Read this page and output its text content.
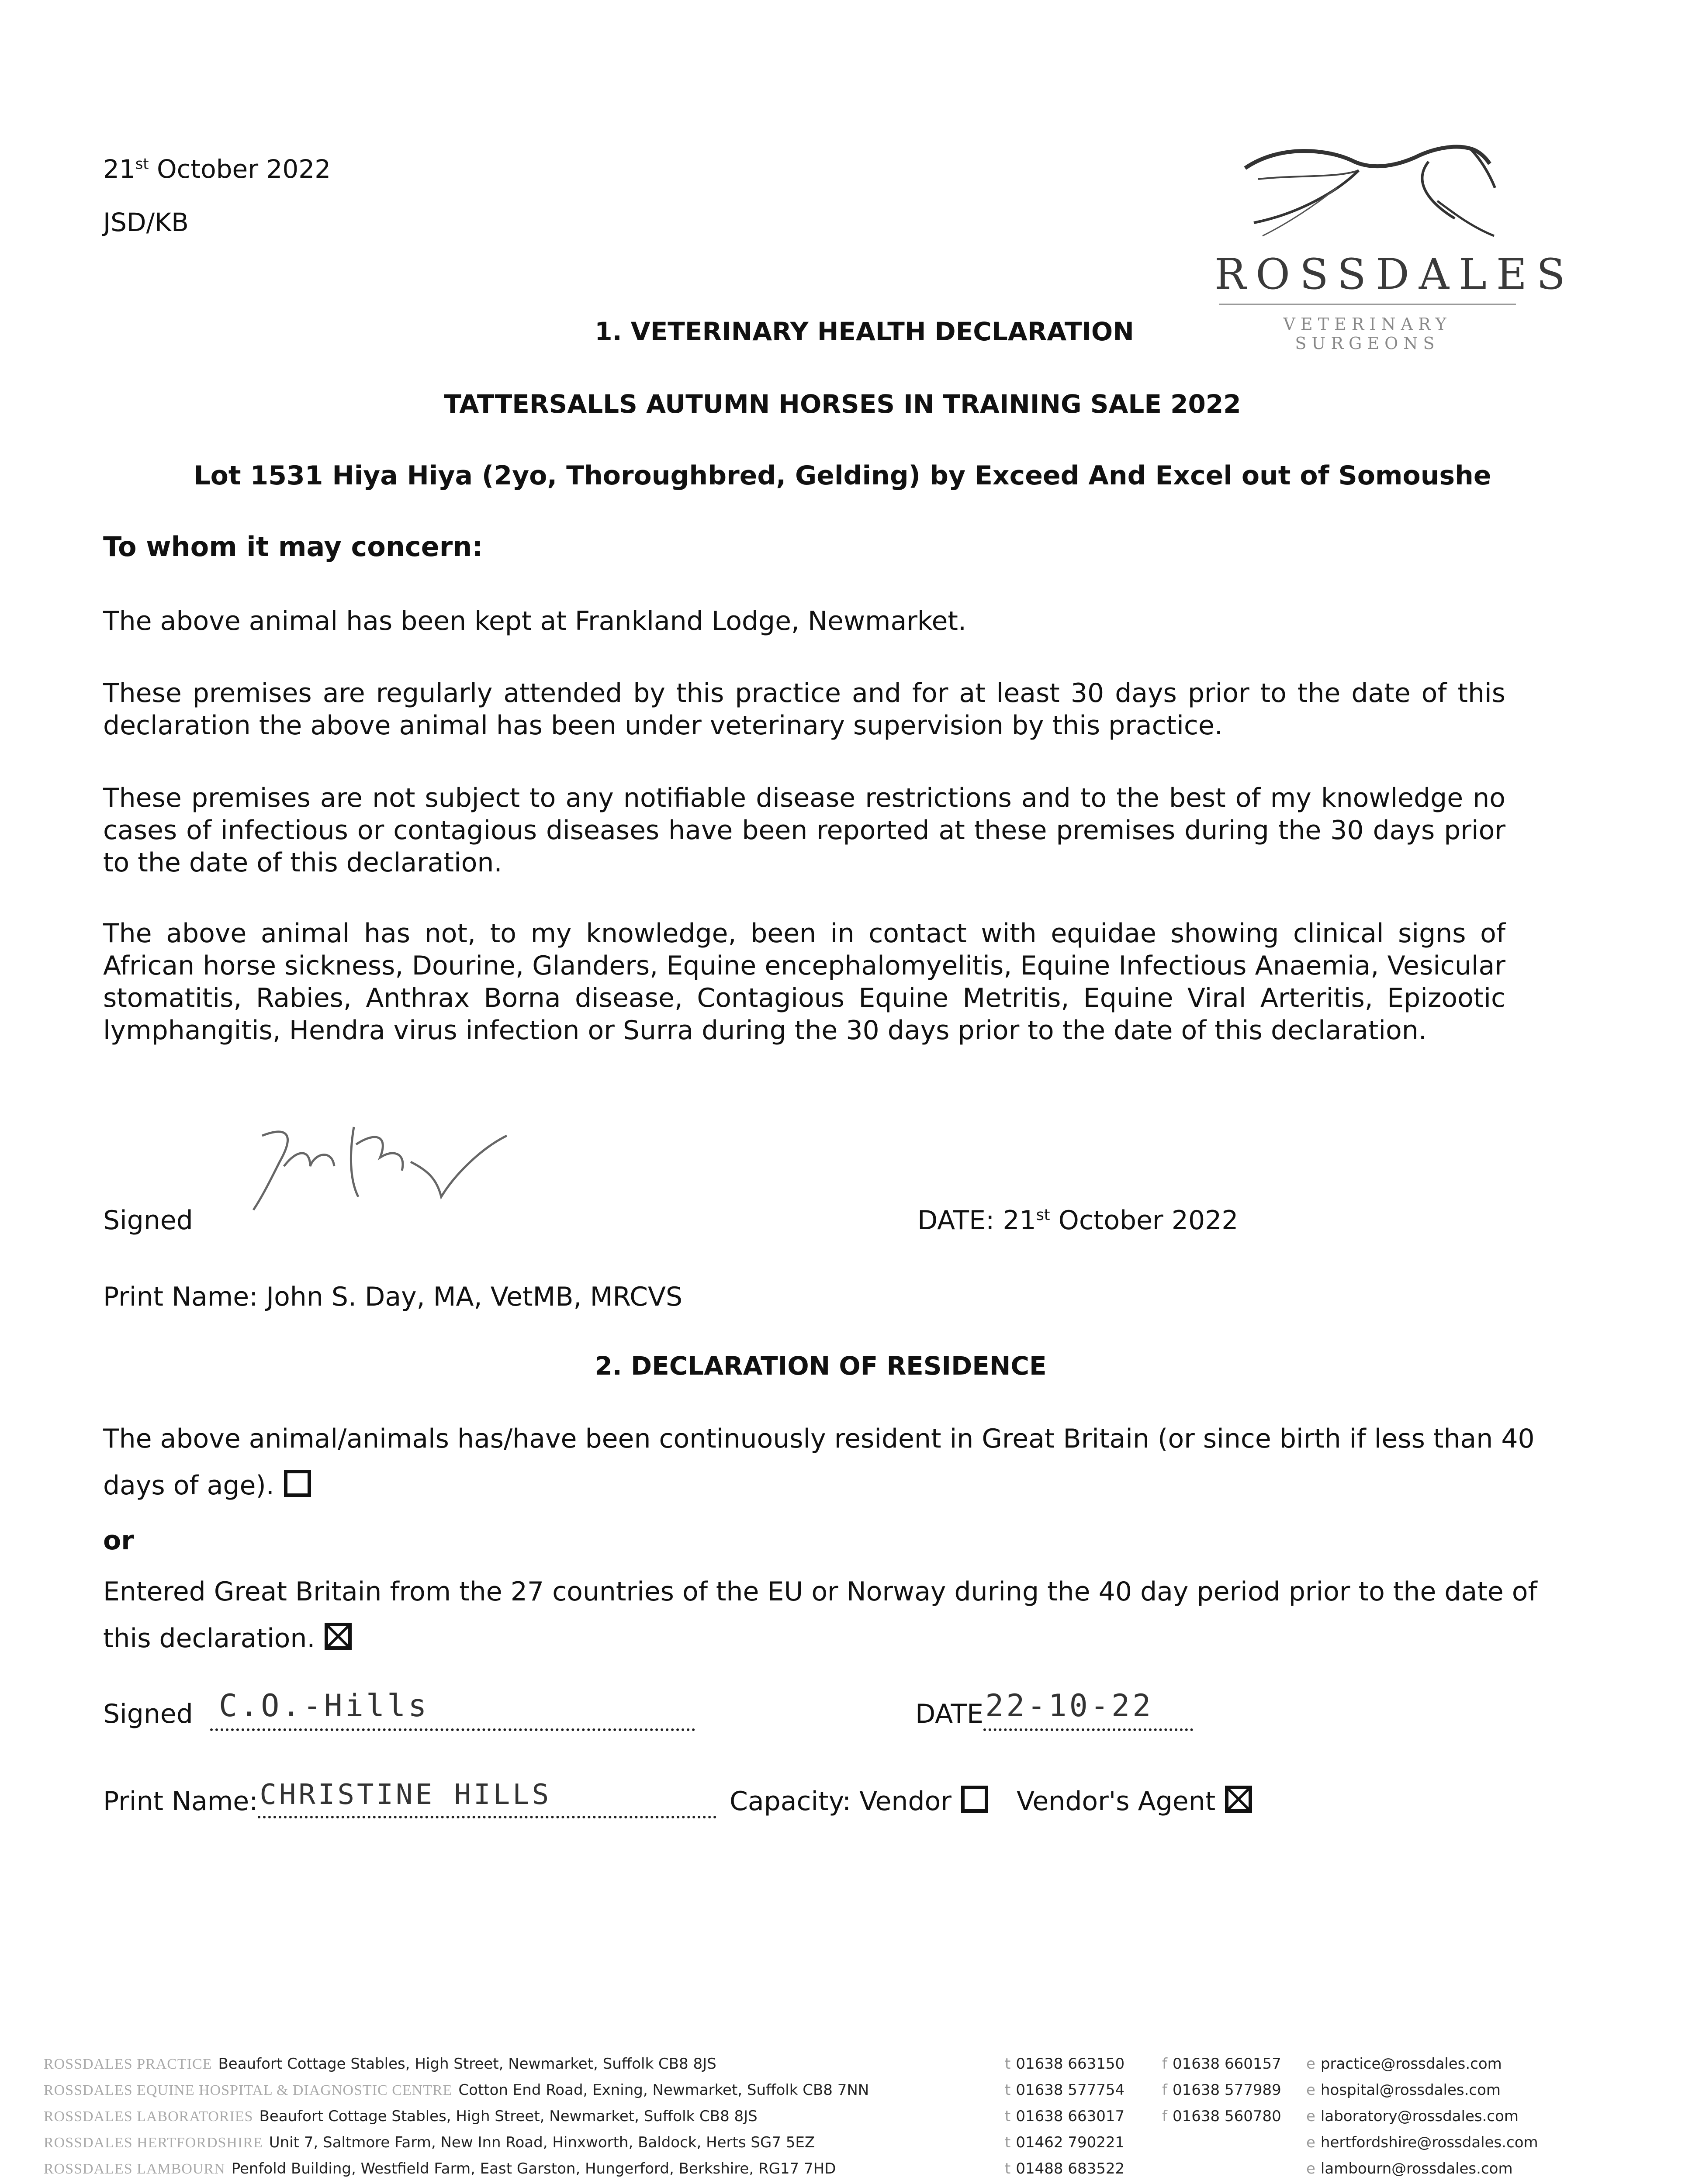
21st October 2022
JSD/KB
ROSSDALES
VETERINARY SURGEONS
1. VETERINARY HEALTH DECLARATION
TATTERSALLS AUTUMN HORSES IN TRAINING SALE 2022
Lot 1531 Hiya Hiya (2yo, Thoroughbred, Gelding) by Exceed And Excel out of Somoushe
To whom it may concern:
The above animal has been kept at Frankland Lodge, Newmarket.
These premises are regularly attended by this practice and for at least 30 days prior to the date of this declaration the above animal has been under veterinary supervision by this practice.
These premises are not subject to any notifiable disease restrictions and to the best of my knowledge no cases of infectious or contagious diseases have been reported at these premises during the 30 days prior to the date of this declaration.
The above animal has not, to my knowledge, been in contact with equidae showing clinical signs of African horse sickness, Dourine, Glanders, Equine encephalomyelitis, Equine Infectious Anaemia, Vesicular stomatitis, Rabies, Anthrax Borna disease, Contagious Equine Metritis, Equine Viral Arteritis, Epizootic lymphangitis, Hendra virus infection or Surra during the 30 days prior to the date of this declaration.
Signed	DATE: 21st October 2022
Print Name: John S. Day, MA, VetMB, MRCVS
2. DECLARATION OF RESIDENCE
The above animal/animals has/have been continuously resident in Great Britain (or since birth if less than 40
days of age).
or
Entered Great Britain from the 27 countries of the EU or Norway during the 40 day period prior to the date of
this declaration.
Signed C.O.-Hills	DATE 22-10-22
Print Name: CHRISTINE HILLS	Capacity: Vendor Vendor's Agent
ROSSDALES PRACTICE Beaufort Cottage Stables, High Street, Newmarket, Suffolk CB8 8JS	t 01638 663150	f 01638 660157 e practice@rossdales.com
ROSSDALES EQUINE HOSPITAL & DIAGNOSTIC CENTRE Cotton End Road, Exning, Newmarket, Suffolk CB8 7NN	t 01638 577754	f 01638 577989 e hospital@rossdales.com
ROSSDALES LABORATORIES Beaufort Cottage Stables, High Street, Newmarket, Suffolk CB8 8JS	t 01638 663017	f 01638 560780 e laboratory@rossdales.com
ROSSDALES HERTFORDSHIRE Unit 7, Saltmore Farm, New Inn Road, Hinxworth, Baldock, Herts SG7 5EZ	t 01462 790221	e hertfordshire@rossdales.com
ROSSDALES LAMBOURN Penfold Building, Westfield Farm, East Garston, Hungerford, Berkshire, RG17 7HD	t 01488 683522	e lambourn@rossdales.com
